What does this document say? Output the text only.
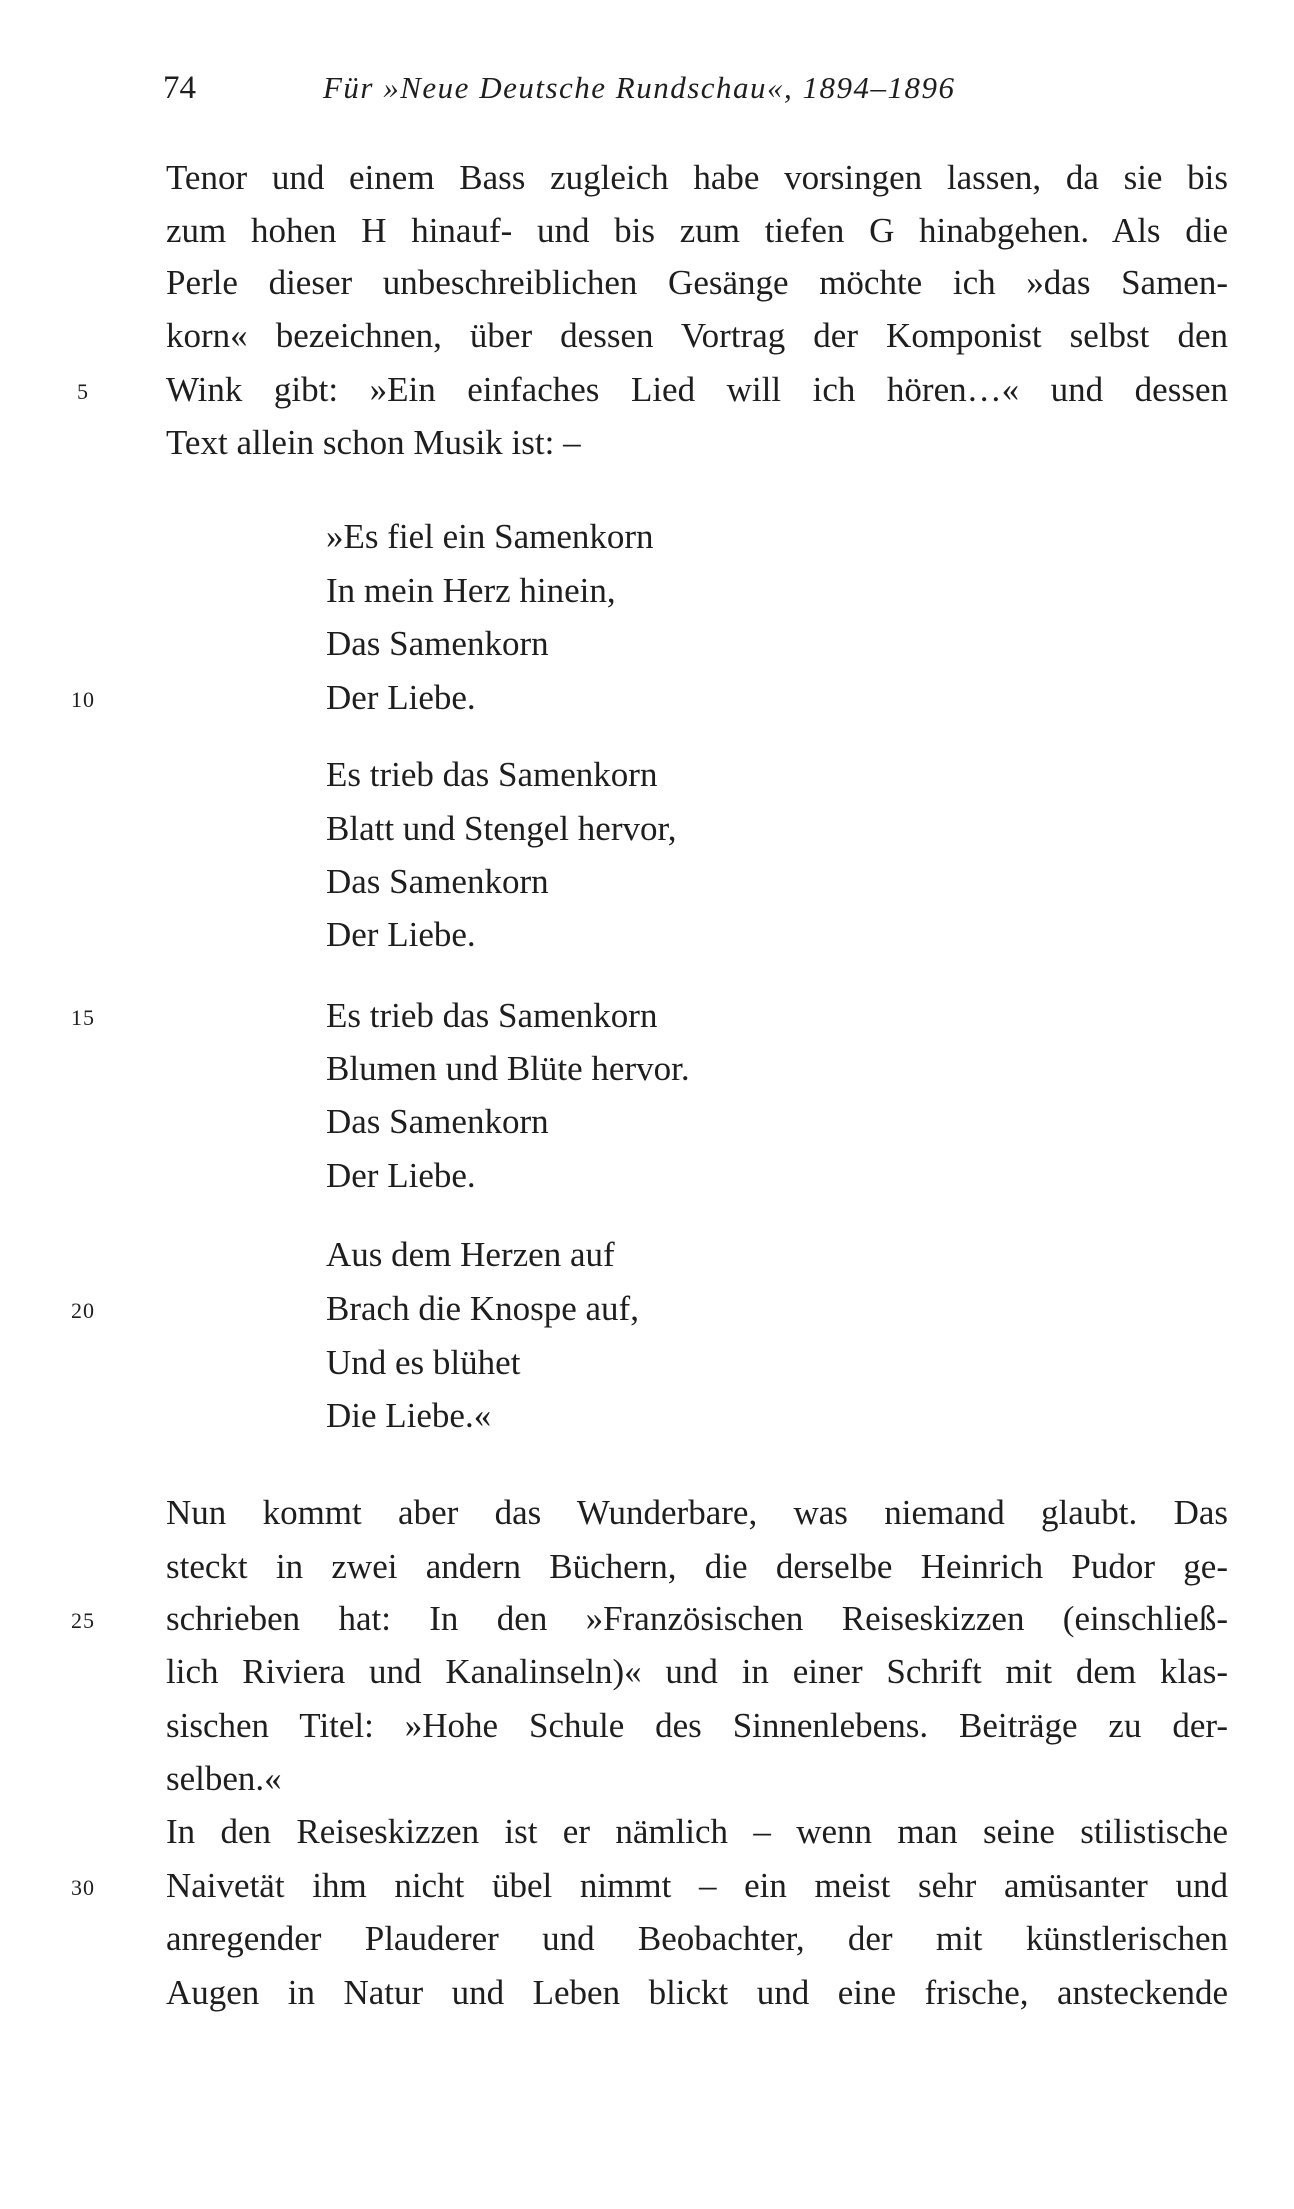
74	Für »Neue Deutsche Rundschau«, 1894–1896
Tenor und einem Bass zugleich habe vorsingen lassen, da sie bis
zum hohen H hinauf- und bis zum tiefen G hinabgehen. Als die
Perle dieser unbeschreiblichen Gesänge möchte ich »das Samen-
korn« bezeichnen, über dessen Vortrag der Komponist selbst den
Wink gibt: »Ein einfaches Lied will ich hören…« und dessen
5
Text allein schon Musik ist: –
»Es fiel ein Samenkorn
In mein Herz hinein,
Das Samenkorn
Der Liebe.
10
Es trieb das Samenkorn
Blatt und Stengel hervor,
Das Samenkorn
Der Liebe.
Es trieb das Samenkorn
15
Blumen und Blüte hervor.
Das Samenkorn
Der Liebe.
Aus dem Herzen auf
Brach die Knospe auf,
20
Und es blühet
Die Liebe.«
Nun kommt aber das Wunderbare, was niemand glaubt. Das
steckt in zwei andern Büchern, die derselbe Heinrich Pudor ge-
schrieben hat: In den »Französischen Reiseskizzen (einschließ-
25
lich Riviera und Kanalinseln)« und in einer Schrift mit dem klas-
sischen Titel: »Hohe Schule des Sinnenlebens. Beiträge zu der-
selben.«
In den Reiseskizzen ist er nämlich – wenn man seine stilistische
Naivetät ihm nicht übel nimmt – ein meist sehr amüsanter und
30
anregender Plauderer und Beobachter, der mit künstlerischen
Augen in Natur und Leben blickt und eine frische, ansteckende
